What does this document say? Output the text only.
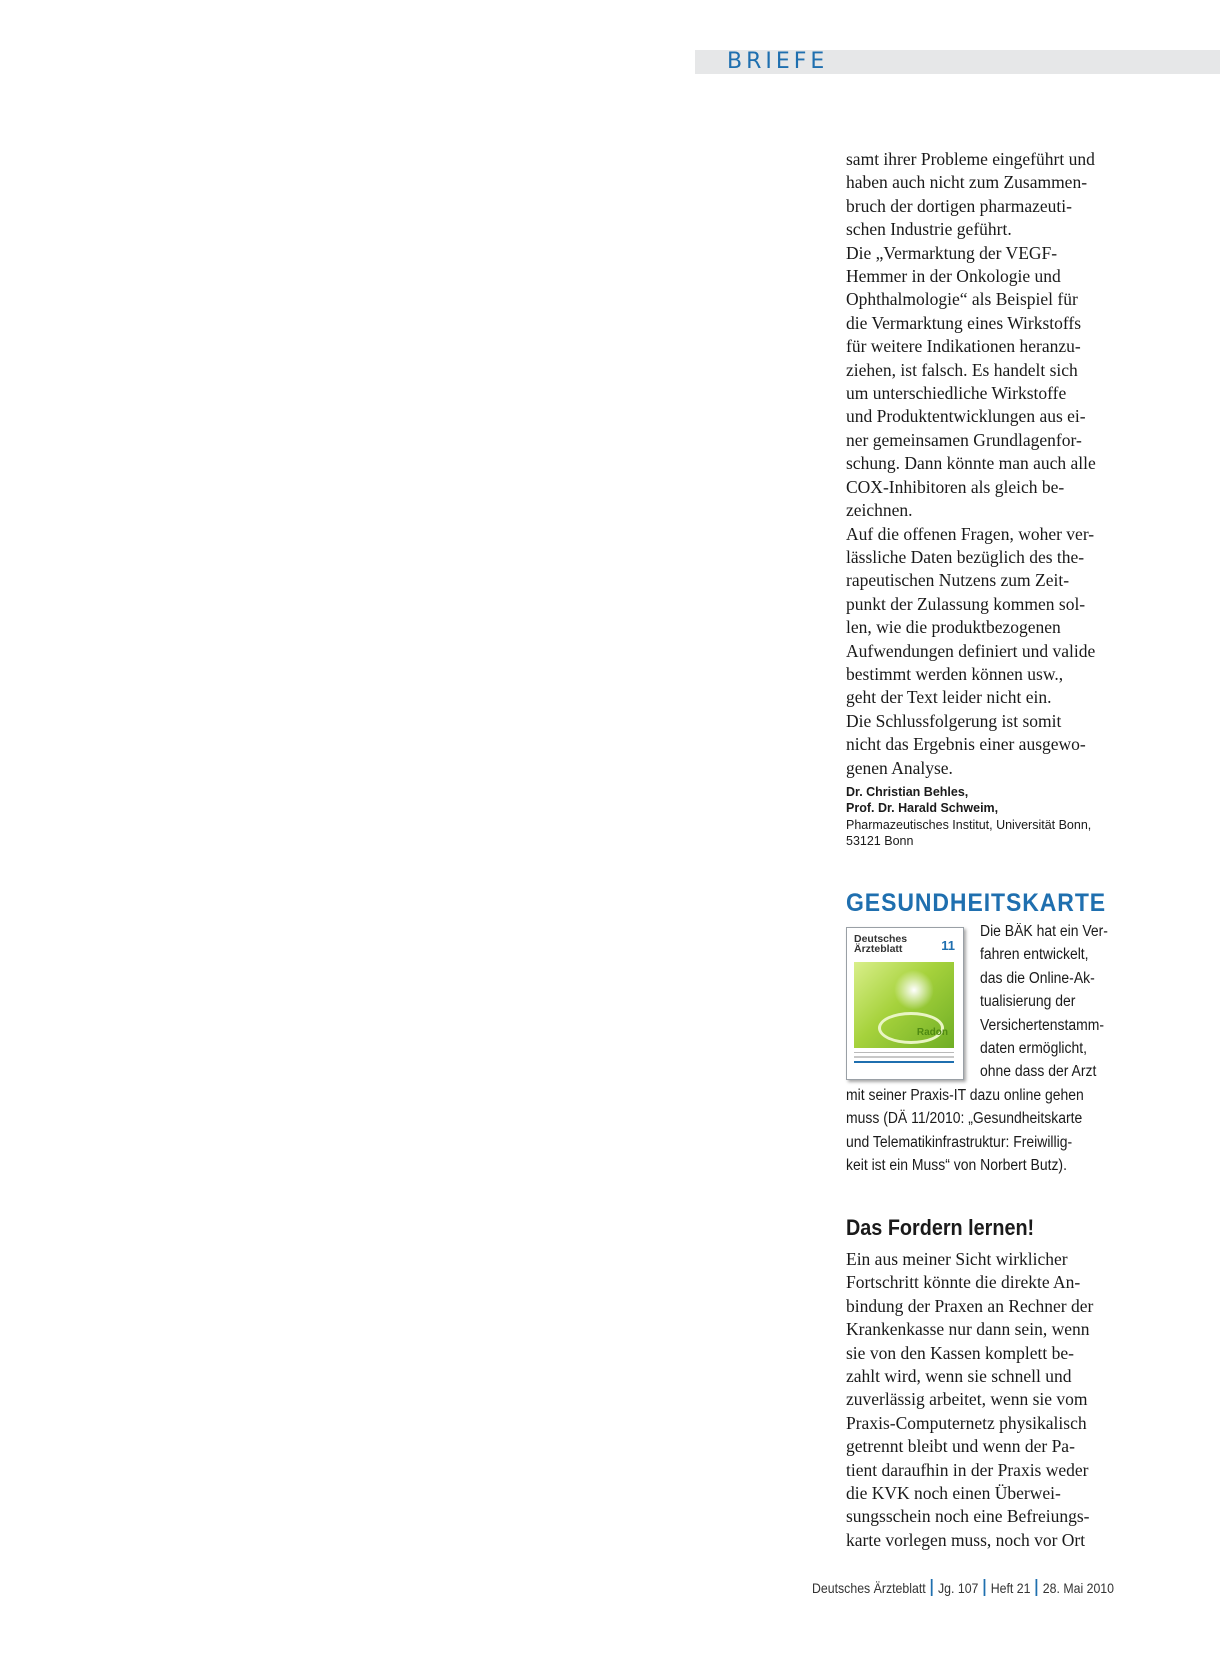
BRIEFE

samt ihrer Probleme eingeführt und

haben auch nicht zum Zusammen-

bruch der dortigen pharmazeuti-

schen Industrie geführt.

Die „Vermarktung der VEGF-

Hemmer in der Onkologie und

Ophthalmologie“ als Beispiel für

die Vermarktung eines Wirkstoffs

für weitere Indikationen heranzu-

ziehen, ist falsch. Es handelt sich

um unterschiedliche Wirkstoffe

und Produktentwicklungen aus ei-

ner gemeinsamen Grundlagenfor-

schung. Dann könnte man auch alle

COX-Inhibitoren als gleich be-

zeichnen.

Auf die offenen Fragen, woher ver-

lässliche Daten bezüglich des the-

rapeutischen Nutzens zum Zeit-

punkt der Zulassung kommen sol-

len, wie die produktbezogenen

Aufwendungen definiert und valide

bestimmt werden können usw.,

geht der Text leider nicht ein.

Die Schlussfolgerung ist somit

nicht das Ergebnis einer ausgewo-

genen Analyse.

Dr. Christian Behles,
Prof. Dr. Harald Schweim,
Pharmazeutisches Institut, Universität Bonn,
53121 Bonn
GESUNDHEITSKARTE
Deutsches
Ärzteblatt	11
Radon

Die BÄK hat ein Ver-

fahren entwickelt,

das die Online-Ak-

tualisierung der

Versichertenstamm-

daten ermöglicht,

ohne dass der Arzt

mit seiner Praxis-IT dazu online gehen

muss (DÄ 11/2010: „Gesundheitskarte

und Telematikinfrastruktur: Freiwillig-

keit ist ein Muss“ von Norbert Butz).

Das Fordern lernen!

Ein aus meiner Sicht wirklicher

Fortschritt könnte die direkte An-

bindung der Praxen an Rechner der

Krankenkasse nur dann sein, wenn

sie von den Kassen komplett be-

zahlt wird, wenn sie schnell und

zuverlässig arbeitet, wenn sie vom

Praxis-Computernetz physikalisch

getrennt bleibt und wenn der Pa-

tient daraufhin in der Praxis weder

die KVK noch einen Überwei-

sungsschein noch eine Befreiungs-

karte vorlegen muss, noch vor Ort

Deutsches Ärzteblatt Jg. 107 Heft 21 28. Mai 2010
